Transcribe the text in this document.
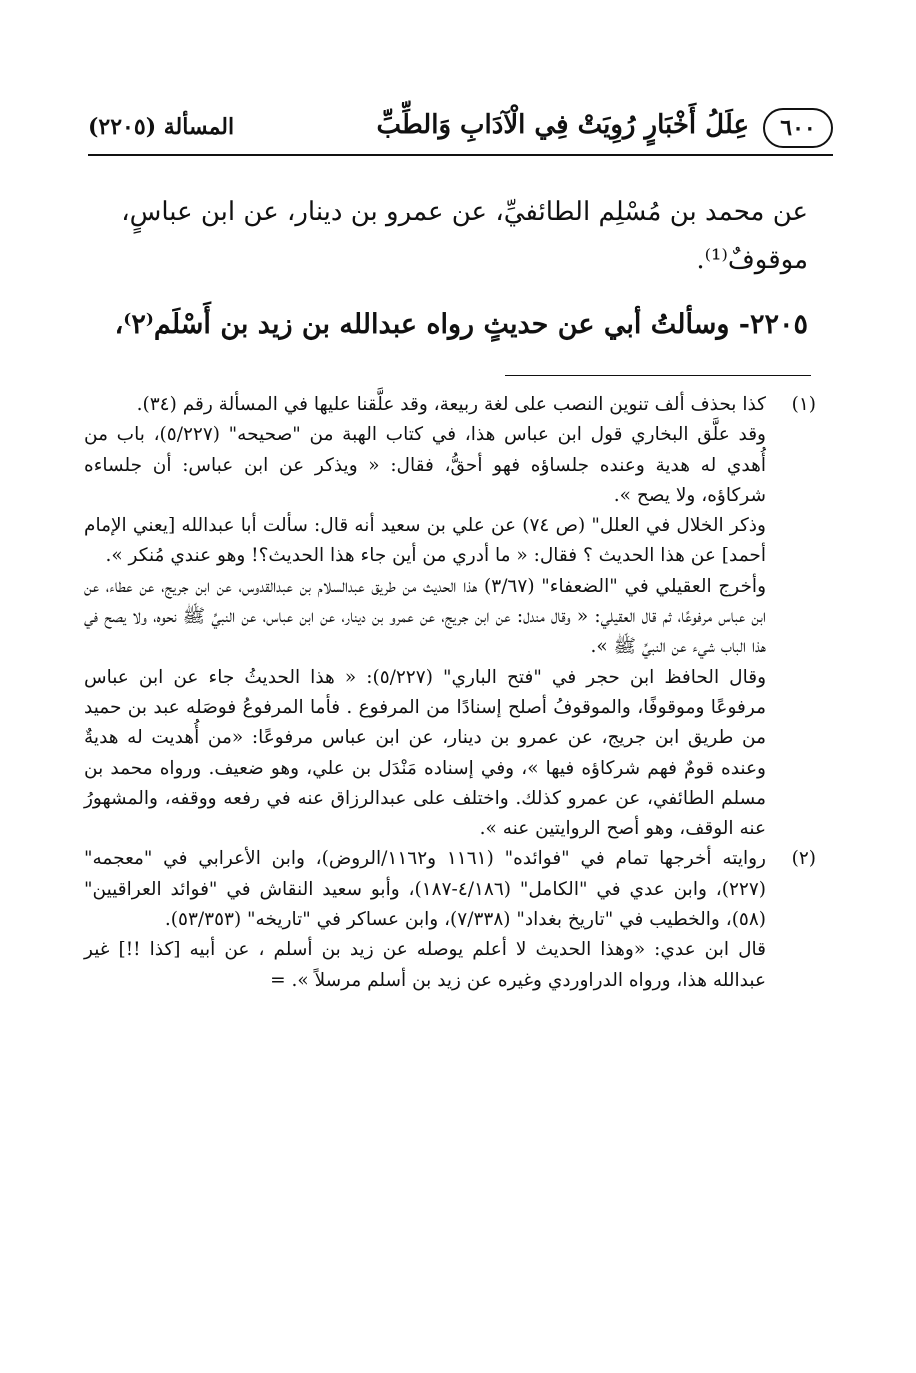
٦٠٠
عِلَلُ أَخْبَارٍ رُوِيَتْ فِي الْآدَابِ وَالطِّبِّ
المسألة (٢٢٠٥)

عن محمد بن مُسْلِم الطائفيِّ، عن عمرو بن دينار، عن ابن عباسٍ،

موقوفٌ⁽¹⁾.

٢٢٠٥- وسألتُ أبي عن حديثٍ رواه عبدالله بن زيد بن أَسْلَم⁽٢⁾،
(١)

كذا بحذف ألف تنوين النصب على لغة ربيعة، وقد علَّقنا عليها في المسألة رقم (٣٤).

وقد علَّق البخاري قول ابن عباس هذا، في كتاب الهبة من "صحيحه" (٥/٢٢٧)، باب من أُهدي له هدية وعنده جلساؤه فهو أحقُّ، فقال: « ويذكر عن ابن عباس: أن جلساءه شركاؤه، ولا يصح ».

وذكر الخلال في العلل" (ص ٧٤) عن علي بن سعيد أنه قال: سألت أبا عبدالله [يعني الإمام أحمد] عن هذا الحديث ؟ فقال: « ما أدري من أين جاء هذا الحديث؟! وهو عندي مُنكر ».

وأخرج العقيلي في "الضعفاء" (٣/٦٧) هذا الحديث من طريق عبدالسلام بن عبدالقدوس، عن ابن جريج، عن عطاء، عن ابن عباس مرفوعًا، ثم قال العقيلي: « وقال مندل: عن ابن جريج، عن عمرو بن دينار، عن ابن عباس، عن النبيِّ ﷺ نحوه، ولا يصح في هذا الباب شيء عن النبيِّ ﷺ ».

وقال الحافظ ابن حجر في "فتح الباري" (٥/٢٢٧): « هذا الحديثُ جاء عن ابن عباس مرفوعًا وموقوفًا، والموقوفُ أصلح إسنادًا من المرفوع . فأما المرفوعُ فوصَله عبد بن حميد من طريق ابن جريج، عن عمرو بن دينار، عن ابن عباس مرفوعًا: «من أُهديت له هديةٌ وعنده قومٌ فهم شركاؤه فيها »، وفي إسناده مَنْدَل بن علي، وهو ضعيف. ورواه محمد بن مسلم الطائفي، عن عمرو كذلك. واختلف على عبدالرزاق عنه في رفعه ووقفه، والمشهورُ عنه الوقف، وهو أصح الروايتين عنه ».

(٢)

روايته أخرجها تمام في "فوائده" (١١٦١ و١١٦٢/الروض)، وابن الأعرابي في "معجمه" (٢٢٧)، وابن عدي في "الكامل" (٤/١٨٦-١٨٧)، وأبو سعيد النقاش في "فوائد العراقيين" (٥٨)، والخطيب في "تاريخ بغداد" (٧/٣٣٨)، وابن عساكر في "تاريخه" (٥٣/٣٥٣).

قال ابن عدي: «وهذا الحديث لا أعلم يوصله عن زيد بن أسلم ، عن أبيه [كذا !!] غير عبدالله هذا، ورواه الدراوردي وغيره عن زيد بن أسلم مرسلاً ». =
